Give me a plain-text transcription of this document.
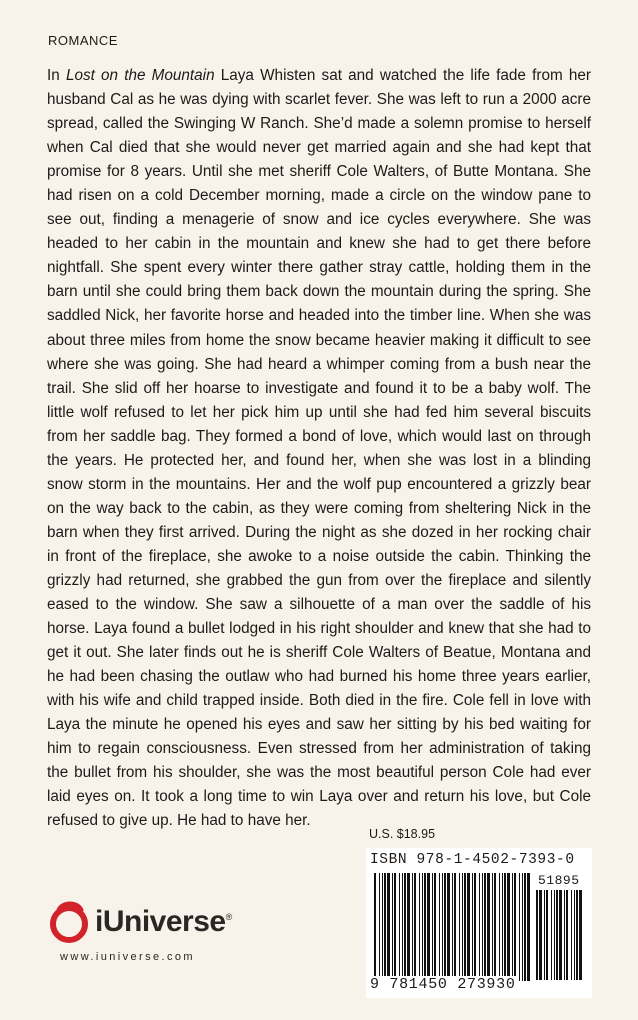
ROMANCE
In Lost on the Mountain Laya Whisten sat and watched the life fade from her husband Cal as he was dying with scarlet fever. She was left to run a 2000 acre spread, called the Swinging W Ranch. She’d made a solemn promise to herself when Cal died that she would never get married again and she had kept that promise for 8 years. Until she met sheriff Cole Walters, of Butte Montana. She had risen on a cold December morning, made a circle on the window pane to see out, finding a menagerie of snow and ice cycles everywhere. She was headed to her cabin in the mountain and knew she had to get there before nightfall. She spent every winter there gather stray cattle, holding them in the barn until she could bring them back down the mountain during the spring. She saddled Nick, her favorite horse and headed into the timber line. When she was about three miles from home the snow became heavier making it difficult to see where she was going. She had heard a whimper coming from a bush near the trail. She slid off her hoarse to investigate and found it to be a baby wolf. The little wolf refused to let her pick him up until she had fed him several biscuits from her saddle bag. They formed a bond of love, which would last on through the years. He protected her, and found her, when she was lost in a blinding snow storm in the mountains. Her and the wolf pup encountered a grizzly bear on the way back to the cabin, as they were coming from sheltering Nick in the barn when they first arrived. During the night as she dozed in her rocking chair in front of the fireplace, she awoke to a noise outside the cabin. Thinking the grizzly had returned, she grabbed the gun from over the fireplace and silently eased to the window. She saw a silhouette of a man over the saddle of his horse. Laya found a bullet lodged in his right shoulder and knew that she had to get it out. She later finds out he is sheriff Cole Walters of Beatue, Montana and he had been chasing the outlaw who had burned his home three years earlier, with his wife and child trapped inside. Both died in the fire. Cole fell in love with Laya the minute he opened his eyes and saw her sitting by his bed waiting for him to regain consciousness. Even stressed from her administration of taking the bullet from his shoulder, she was the most beautiful person Cole had ever laid eyes on. It took a long time to win Laya over and return his love, but Cole refused to give up. He had to have her.
U.S. $18.95
ISBN 978-1-4502-7393-0
51895
9 781450 273930
iUniverse®
www.iuniverse.com
